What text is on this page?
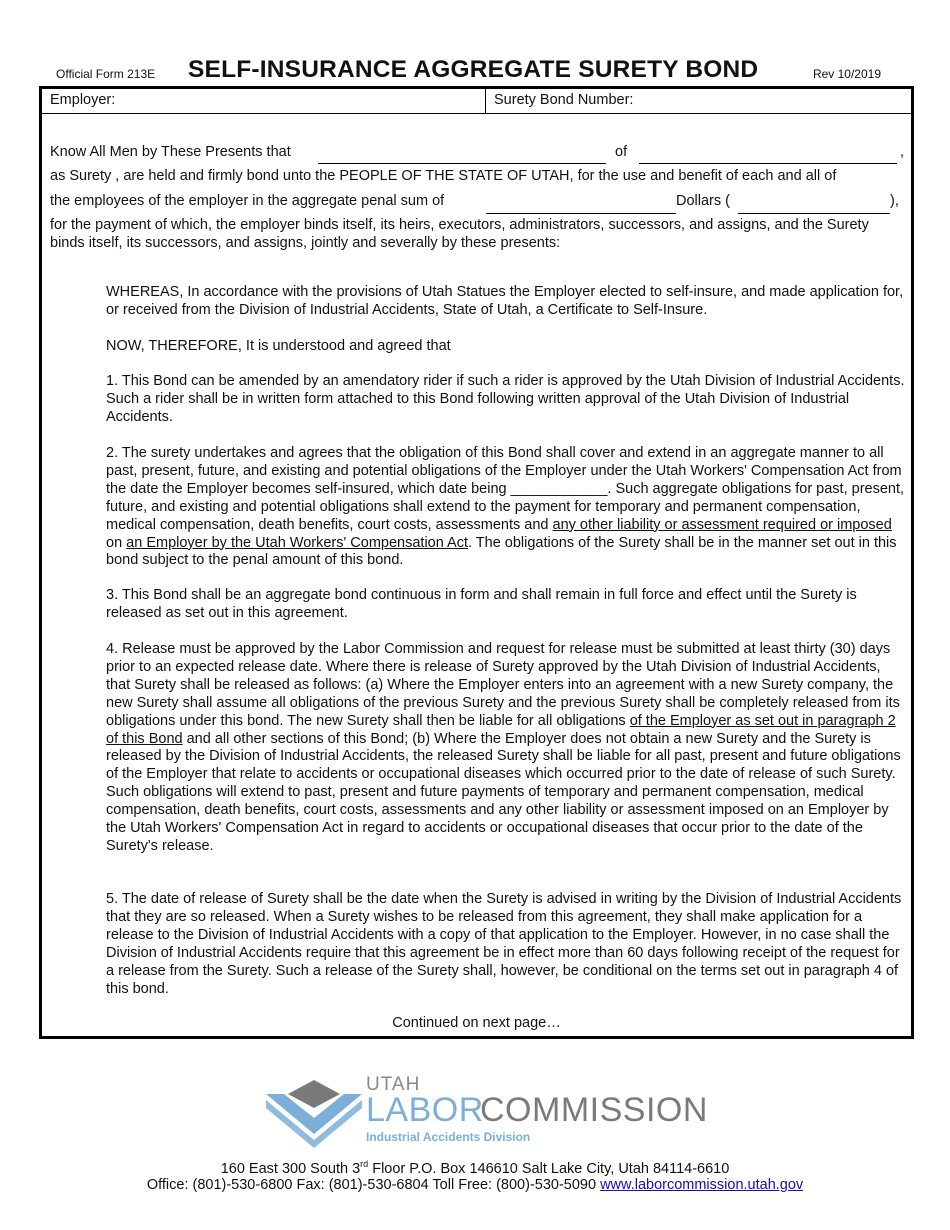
Official Form 213E SELF-INSURANCE AGGREGATE SURETY BOND	Rev 10/2019
Employer:	Surety Bond Number:
Know All Men by These Presents that	of	,
as Surety , are held and firmly bond unto the PEOPLE OF THE STATE OF UTAH, for the use and benefit of each and all of
the employees of the employer in the aggregate penal sum of	Dollars (	),

for the payment of which, the employer binds itself, its heirs, executors, administrators, successors, and assigns, and the Surety binds itself, its successors, and assigns, jointly and severally by these presents:

WHEREAS, In accordance with the provisions of Utah Statues the Employer elected to self-insure, and made application for, or received from the Division of Industrial Accidents, State of Utah, a Certificate to Self-Insure.

NOW, THEREFORE, It is understood and agreed that

1. This Bond can be amended by an amendatory rider if such a rider is approved by the Utah Division of Industrial Accidents. Such a rider shall be in written form attached to this Bond following written approval of the Utah Division of Industrial Accidents.

2. The surety undertakes and agrees that the obligation of this Bond shall cover and extend in an aggregate manner to all past, present, future, and existing and potential obligations of the Employer under the Utah Workers' Compensation Act from the date the Employer becomes self-insured, which date being ____________. Such aggregate obligations for past, present, future, and existing and potential obligations shall extend to the payment for temporary and permanent compensation, medical compensation, death benefits, court costs, assessments and any other liability or assessment required or imposed on an Employer by the Utah Workers' Compensation Act. The obligations of the Surety shall be in the manner set out in this bond subject to the penal amount of this bond.

3. This Bond shall be an aggregate bond continuous in form and shall remain in full force and effect until the Surety is released as set out in this agreement.

4. Release must be approved by the Labor Commission and request for release must be submitted at least thirty (30) days prior to an expected release date. Where there is release of Surety approved by the Utah Division of Industrial Accidents, that Surety shall be released as follows: (a) Where the Employer enters into an agreement with a new Surety company, the new Surety shall assume all obligations of the previous Surety and the previous Surety shall be completely released from its obligations under this bond. The new Surety shall then be liable for all obligations of the Employer as set out in paragraph 2 of this Bond and all other sections of this Bond; (b) Where the Employer does not obtain a new Surety and the Surety is released by the Division of Industrial Accidents, the released Surety shall be liable for all past, present and future obligations of the Employer that relate to accidents or occupational diseases which occurred prior to the date of release of such Surety. Such obligations will extend to past, present and future payments of temporary and permanent compensation, medical compensation, death benefits, court costs, assessments and any other liability or assessment imposed on an Employer by the Utah Workers' Compensation Act in regard to accidents or occupational diseases that occur prior to the date of the Surety's release.

5. The date of release of Surety shall be the date when the Surety is advised in writing by the Division of Industrial Accidents that they are so released. When a Surety wishes to be released from this agreement, they shall make application for a release to the Division of Industrial Accidents with a copy of that application to the Employer. However, in no case shall the Division of Industrial Accidents require that this agreement be in effect more than 60 days following receipt of the request for a release from the Surety. Such a release of the Surety shall, however, be conditional on the terms set out in paragraph 4 of this bond.

Continued on next page…
UTAH
LABOR
COMMISSION
Industrial Accidents Division
160 East 300 South 3rd Floor P.O. Box 146610 Salt Lake City, Utah 84114-6610
Office: (801)-530-6800 Fax: (801)-530-6804 Toll Free: (800)-530-5090 www.laborcommission.utah.gov
